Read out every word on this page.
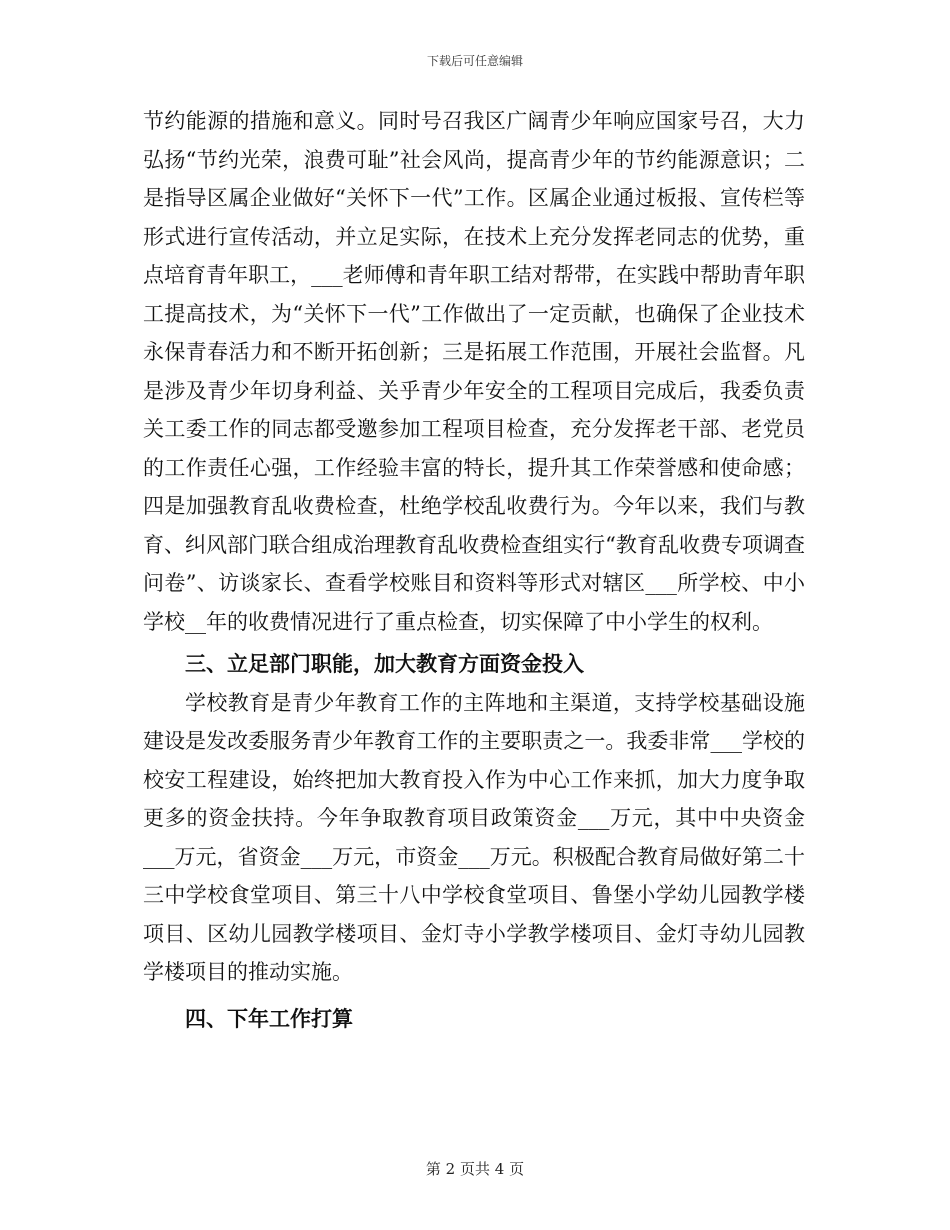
下载后可任意编辑

节约能源的措施和意义。同时号召我区广阔青少年响应国家号召，大力弘扬“节约光荣，浪费可耻”社会风尚，提高青少年的节约能源意识；二是指导区属企业做好“关怀下一代”工作。区属企业通过板报、宣传栏等形式进行宣传活动，并立足实际，在技术上充分发挥老同志的优势，重点培育青年职工，___老师傅和青年职工结对帮带，在实践中帮助青年职工提高技术，为“关怀下一代”工作做出了一定贡献，也确保了企业技术永保青春活力和不断开拓创新；三是拓展工作范围，开展社会监督。凡是涉及青少年切身利益、关乎青少年安全的工程项目完成后，我委负责关工委工作的同志都受邀参加工程项目检查，充分发挥老干部、老党员的工作责任心强，工作经验丰富的特长，提升其工作荣誉感和使命感；四是加强教育乱收费检查，杜绝学校乱收费行为。今年以来，我们与教育、纠风部门联合组成治理教育乱收费检查组实行“教育乱收费专项调查问卷”、访谈家长、查看学校账目和资料等形式对辖区___所学校、中小学校__年的收费情况进行了重点检查，切实保障了中小学生的权利。

三、立足部门职能，加大教育方面资金投入

学校教育是青少年教育工作的主阵地和主渠道，支持学校基础设施建设是发改委服务青少年教育工作的主要职责之一。我委非常___学校的校安工程建设，始终把加大教育投入作为中心工作来抓，加大力度争取更多的资金扶持。今年争取教育项目政策资金___万元，其中中央资金___万元，省资金___万元，市资金___万元。积极配合教育局做好第二十三中学校食堂项目、第三十八中学校食堂项目、鲁堡小学幼儿园教学楼项目、区幼儿园教学楼项目、金灯寺小学教学楼项目、金灯寺幼儿园教学楼项目的推动实施。

四、下年工作打算

第 2 页共 4 页
